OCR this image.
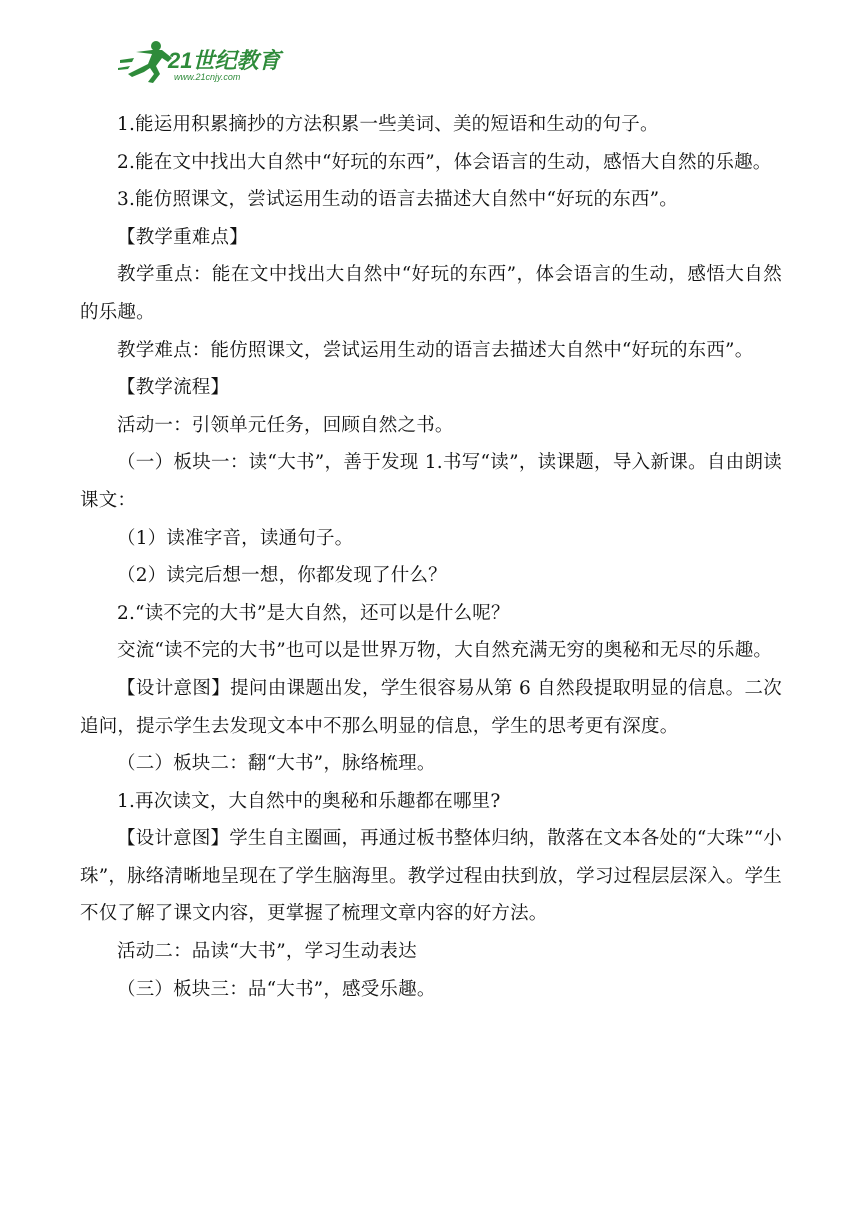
21世纪教育
www.21cnjy.com

1.能运用积累摘抄的方法积累一些美词、美的短语和生动的句子。

2.能在文中找出大自然中“好玩的东西”，体会语言的生动，感悟大自然的乐趣。

3.能仿照课文，尝试运用生动的语言去描述大自然中“好玩的东西”。

【教学重难点】

教学重点：能在文中找出大自然中“好玩的东西”，体会语言的生动，感悟大自然的乐趣。

教学难点：能仿照课文，尝试运用生动的语言去描述大自然中“好玩的东西”。

【教学流程】

活动一：引领单元任务，回顾自然之书。

（一）板块一：读“大书”，善于发现 1.书写“读”，读课题，导入新课。自由朗读课文：

（1）读准字音，读通句子。

（2）读完后想一想，你都发现了什么？

2.“读不完的大书”是大自然，还可以是什么呢？

交流“读不完的大书”也可以是世界万物，大自然充满无穷的奥秘和无尽的乐趣。

【设计意图】提问由课题出发，学生很容易从第 6 自然段提取明显的信息。二次追问，提示学生去发现文本中不那么明显的信息，学生的思考更有深度。

（二）板块二：翻“大书”，脉络梳理。

1.再次读文，大自然中的奥秘和乐趣都在哪里?

【设计意图】学生自主圈画，再通过板书整体归纳，散落在文本各处的“大珠”“小珠”，脉络清晰地呈现在了学生脑海里。教学过程由扶到放，学习过程层层深入。学生不仅了解了课文内容，更掌握了梳理文章内容的好方法。

活动二：品读“大书”，学习生动表达

（三）板块三：品“大书”，感受乐趣。
